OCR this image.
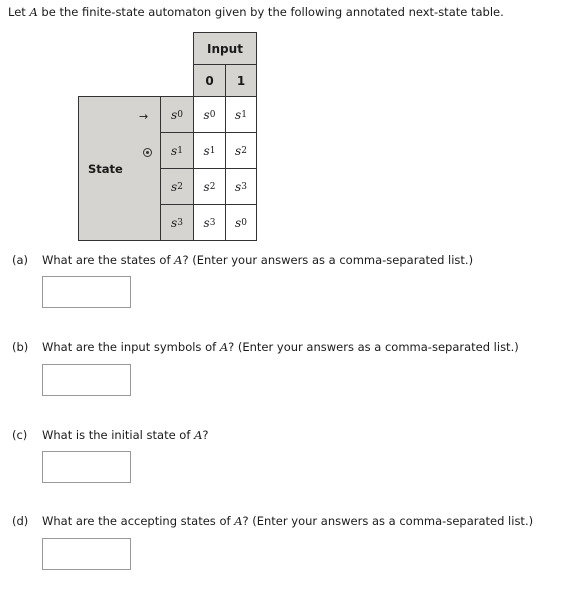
Let A be the finite-state automaton given by the following annotated next-state table.
Input
0	1
State
→ s 0 s 0 s 1
s 1 s 1 s 2
s 2 s 2 s 3
s 3 s 3 s 0
(a) What are the states of A? (Enter your answers as a comma-separated list.)
(b) What are the input symbols of A? (Enter your answers as a comma-separated list.)
(c) What is the initial state of A?
(d) What are the accepting states of A? (Enter your answers as a comma-separated list.)
